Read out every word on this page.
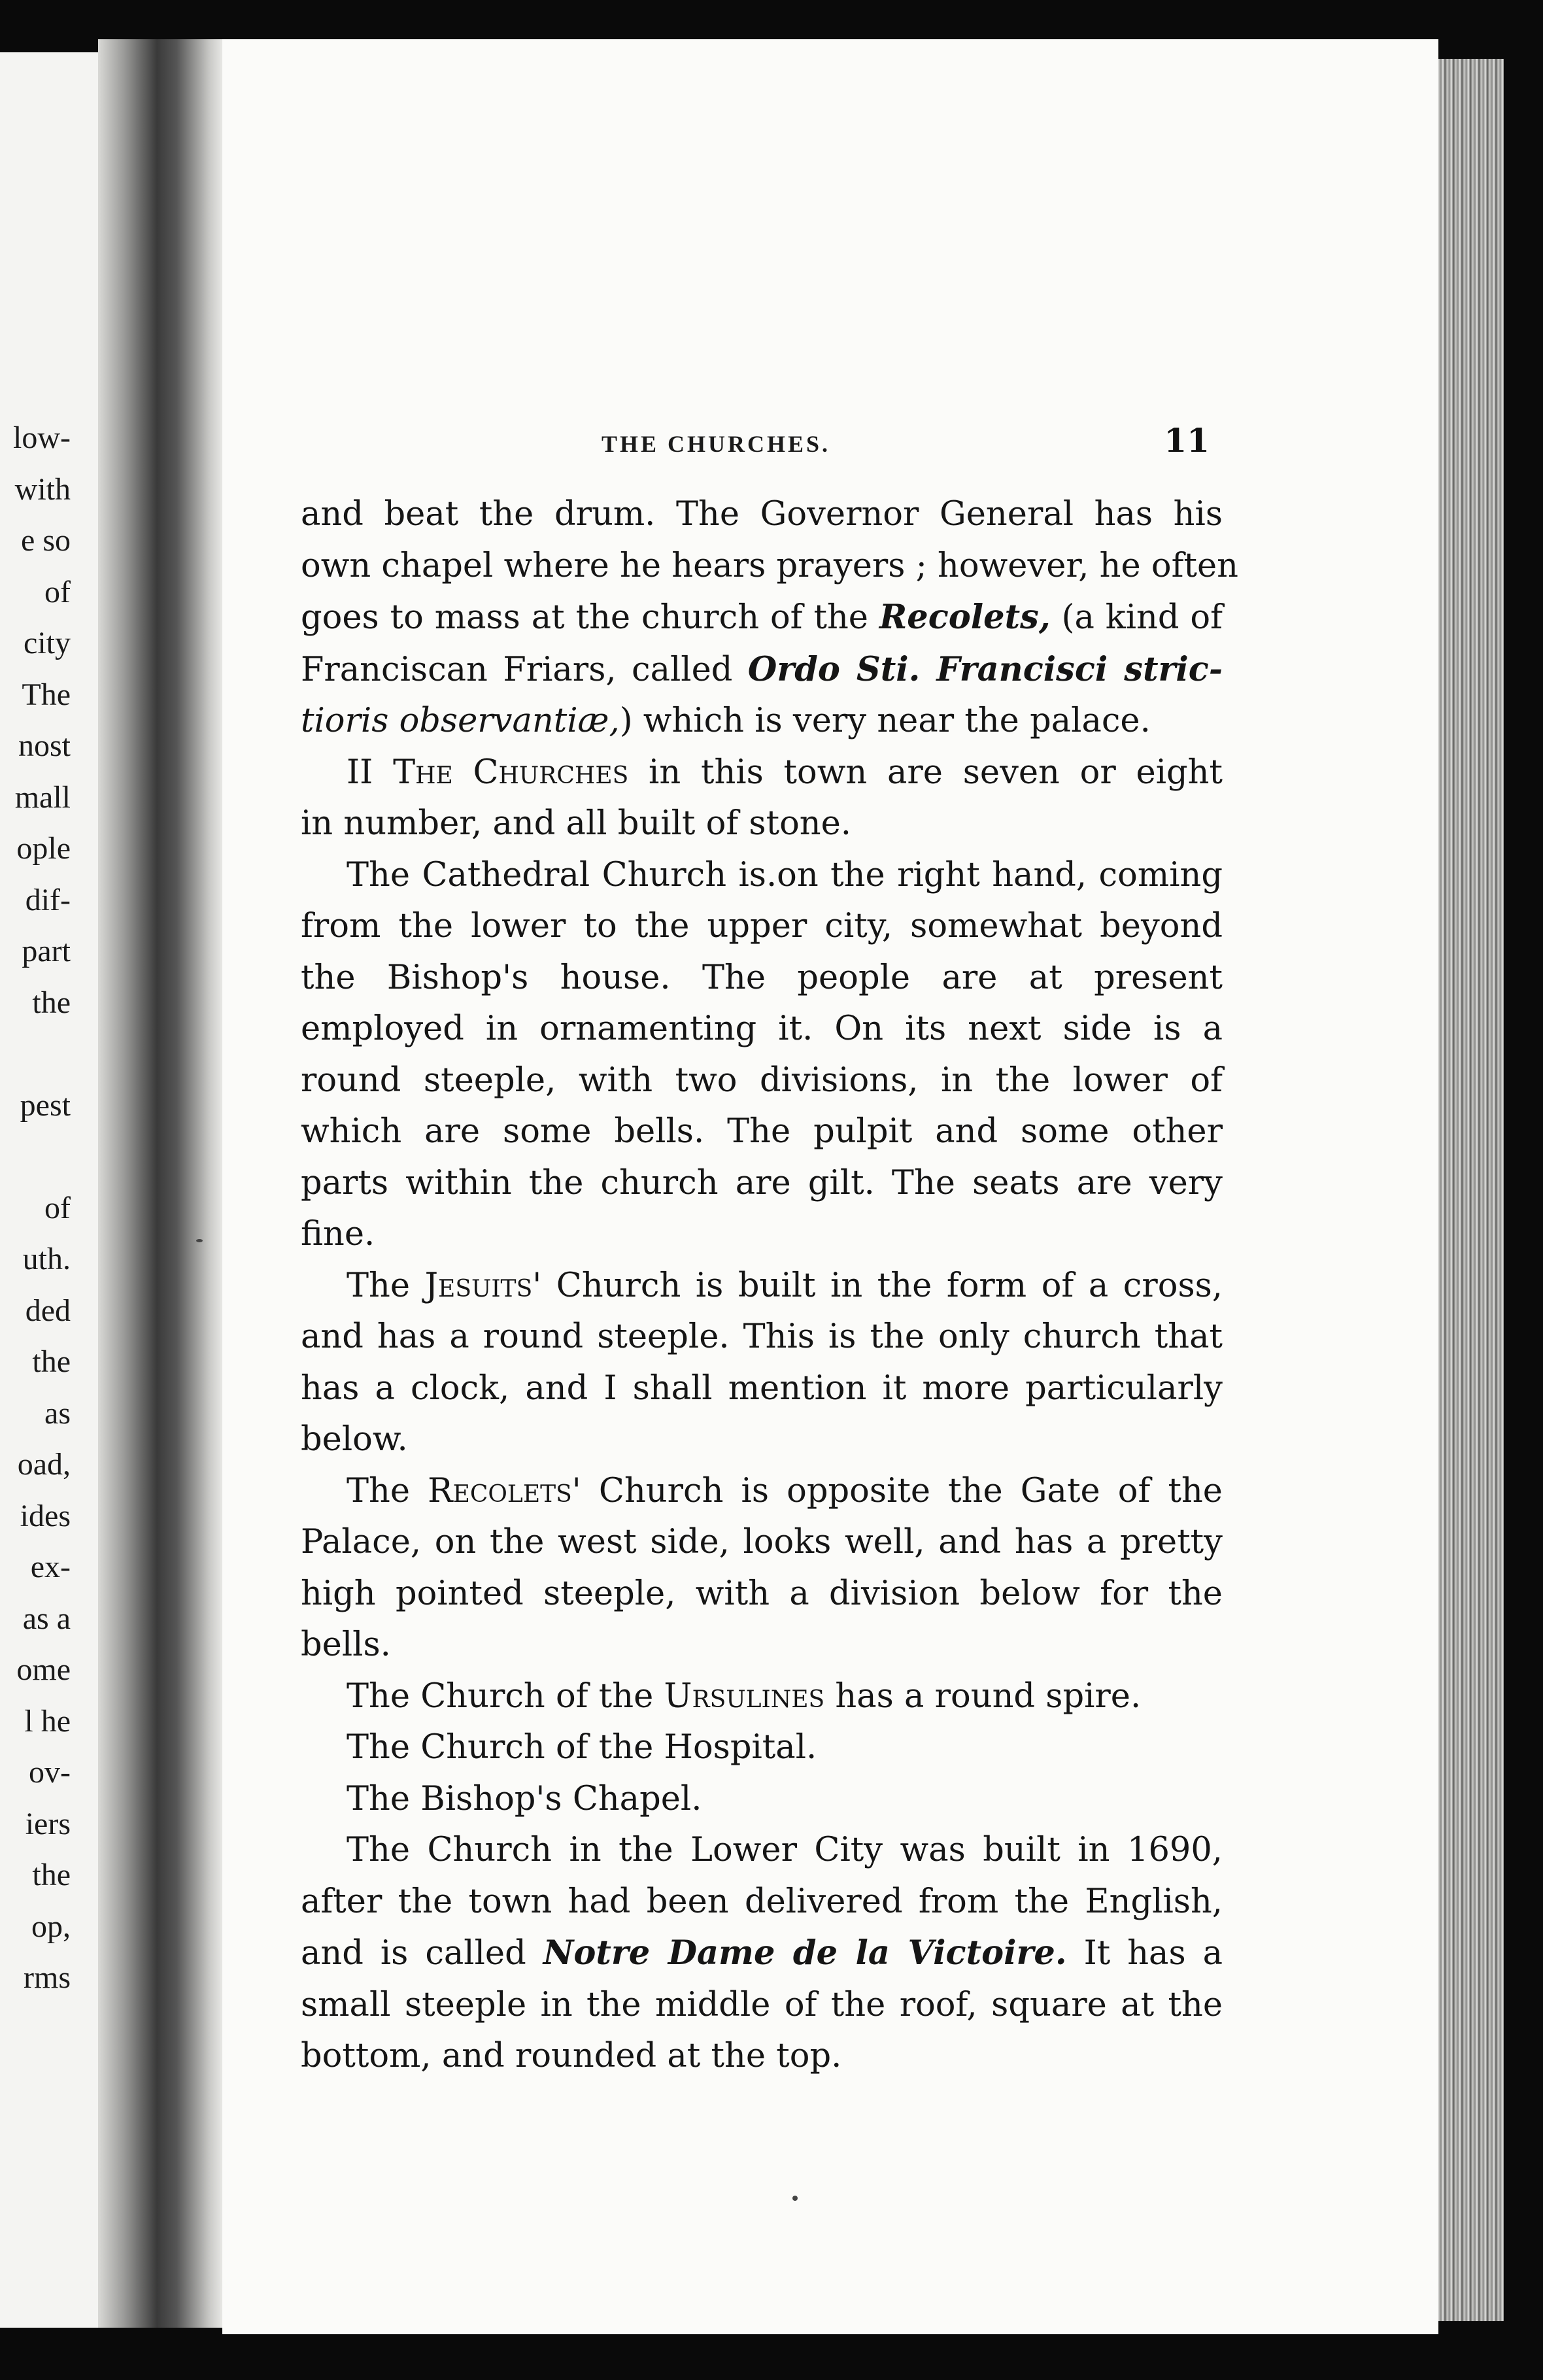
low-
with
e so
of
city
The
nost
mall
ople
dif-
part
the
pest
of
uth.
ded
the
as
oad,
ides
ex-
as a
ome
l he
ov-
iers
the
op,
rms
THE CHURCHES.	11
and beat the drum. The Governor General has his
own chapel where he hears prayers ; however, he often
goes to mass at the church of the Recolets, (a kind of
Franciscan Friars, called Ordo Sti. Francisci stric-
tioris observantiæ,) which is very near the palace.
II The Churches in this town are seven or eight
in number, and all built of stone.
The Cathedral Church is.on the right hand, coming
from the lower to the upper city, somewhat beyond
the Bishop's house. The people are at present
employed in ornamenting it. On its next side is a
round steeple, with two divisions, in the lower of
which are some bells. The pulpit and some other
parts within the church are gilt. The seats are very
fine.
The Jesuits' Church is built in the form of a cross,
and has a round steeple. This is the only church that
has a clock, and I shall mention it more particularly
below.
The Recolets' Church is opposite the Gate of the
Palace, on the west side, looks well, and has a pretty
high pointed steeple, with a division below for the
bells.
The Church of the Ursulines has a round spire.
The Church of the Hospital.
The Bishop's Chapel.
The Church in the Lower City was built in 1690,
after the town had been delivered from the English,
and is called Notre Dame de la Victoire. It has a
small steeple in the middle of the roof, square at the
bottom, and rounded at the top.
